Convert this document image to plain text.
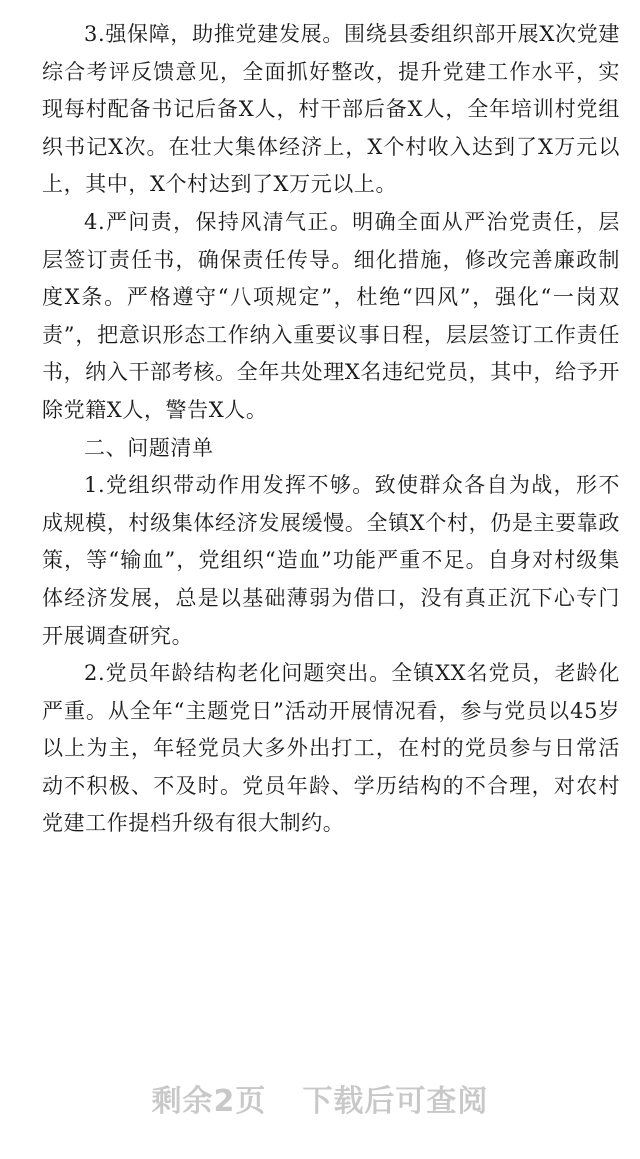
3.强保障，助推党建发展。围绕县委组织部开展X次党建综合考评反馈意见，全面抓好整改，提升党建工作水平，实现每村配备书记后备X人，村干部后备X人，全年培训村党组织书记X次。在壮大集体经济上，X个村收入达到了X万元以上，其中，X个村达到了X万元以上。

4.严问责，保持风清气正。明确全面从严治党责任，层层签订责任书，确保责任传导。细化措施，修改完善廉政制度X条。严格遵守“八项规定”，杜绝“四风”，强化“一岗双责”，把意识形态工作纳入重要议事日程，层层签订工作责任书，纳入干部考核。全年共处理X名违纪党员，其中，给予开除党籍X人，警告X人。

二、问题清单

1.党组织带动作用发挥不够。致使群众各自为战，形不成规模，村级集体经济发展缓慢。全镇X个村，仍是主要靠政策，等“输血”，党组织“造血”功能严重不足。自身对村级集体经济发展，总是以基础薄弱为借口，没有真正沉下心专门开展调查研究。

2.党员年龄结构老化问题突出。全镇XX名党员，老龄化严重。从全年“主题党日”活动开展情况看，参与党员以45岁以上为主，年轻党员大多外出打工，在村的党员参与日常活动不积极、不及时。党员年龄、学历结构的不合理，对农村党建工作提档升级有很大制约。

剩余2页 下载后可查阅
